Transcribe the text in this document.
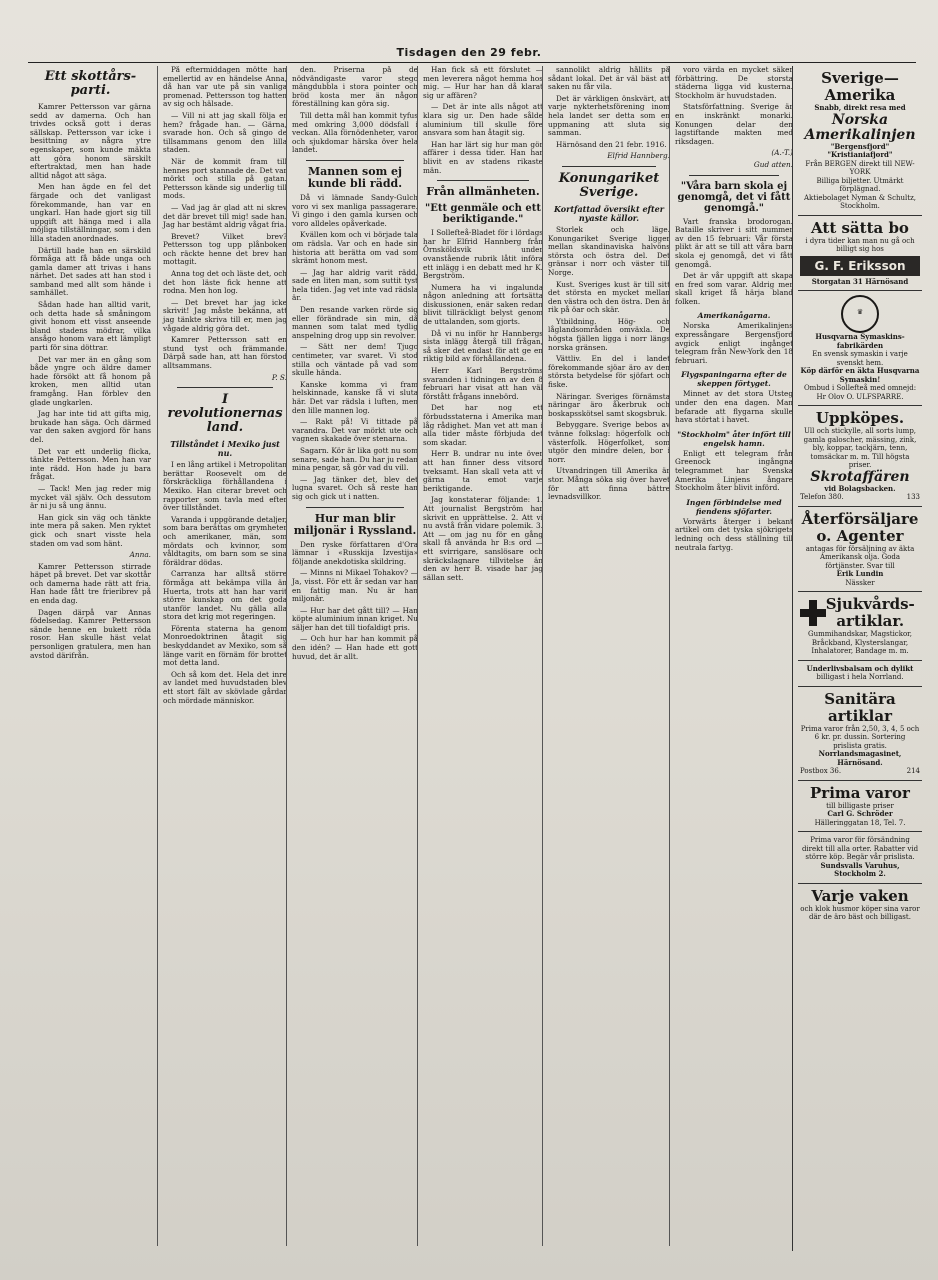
Tisdagen den 29 febr.
Ett skottårs-parti.

Kamrer Pettersson var gärna sedd av damerna. Och han trivdes också gott i deras sällskap. Pettersson var icke i besittning av några ytre egenskaper, som kunde mäkta att göra honom särskilt eftertraktad, men han hade alltid något att säga.

Men han ägde en fel det färgade och det vanligast förekommande, han var en ungkarl. Han hade gjort sig till uppgift att hänga med i alla möjliga tillställningar, som i den lilla staden anordnades.

Därtill hade han en särskild förmåga att få både unga och gamla damer att trivas i hans närhet. Det sades att han stod i samband med allt som hände i samhället.

Sådan hade han alltid varit, och detta hade så småningom givit honom ett visst anseende bland stadens mödrar, vilka ansågo honom vara ett lämpligt parti för sina döttrar.

Det var mer än en gång som både yngre och äldre damer hade försökt att få honom på kroken, men alltid utan framgång. Han förblev den glade ungkarlen.

Jag har inte tid att gifta mig, brukade han säga. Och därmed var den saken avgjord för hans del.

Det var ett underlig flicka, tänkte Pettersson. Men han var inte rädd. Hon hade ju bara frågat.

— Tack! Men jag reder mig mycket väl själv. Och dessutom är ni ju så ung ännu.

Han gick sin väg och tänkte inte mera på saken. Men ryktet gick och snart visste hela staden om vad som hänt.

Anna.

Kamrer Pettersson stirrade häpet på brevet. Det var skottår och damerna hade rätt att fria. Han hade fått tre frieribrev på en enda dag.

Dagen därpå var Annas födelsedag. Kamrer Pettersson sände henne en bukett röda rosor. Han skulle häst velat personligen gratulera, men han avstod därifrån.

På eftermiddagen mötte han emellertid av en händelse Anna, då han var ute på sin vanliga promenad. Pettersson tog hatten av sig och hälsade.

— Vill ni att jag skall följa er hem? frågade han. — Gärna, svarade hon. Och så gingo de tillsammans genom den lilla staden.

När de kommit fram till hennes port stannade de. Det var mörkt och stilla på gatan. Pettersson kände sig underlig till mods.

— Vad jag är glad att ni skrev det där brevet till mig! sade han. Jag har bestämt aldrig vågat fria.

Brevet? Vilket brev? Pettersson tog upp plånboken och räckte henne det brev han mottagit.

Anna tog det och läste det, och det hon läste fick henne att rodna. Men hon log.

— Det brevet har jag icke skrivit! Jag måste bekänna, att jag tänkte skriva till er, men jag vågade aldrig göra det.

Kamrer Pettersson satt en stund tyst och främmande. Därpå sade han, att han förstod alltsammans.

P. S.

I revolutionernas land.
Tillståndet i Mexiko just nu.

I en lång artikel i Metropolitan berättar Roosevelt om de förskräckliga förhållandena i Mexiko. Han citerar brevet och rapporter som tavla med efter över tillståndet.

Varanda i uppgörande detaljer, som bara berättas om grymheter och amerikaner, män, som mördats och kvinnor, som våldtagits, om barn som se sina föräldrar dödas.

Carranza har alltså större förmåga att bekämpa villa än Huerta, trots att han har varit större kunskap om det goda utanför landet. Nu gälla alla stora det krig mot regeringen.

Förenta staterna ha genom Monroedoktrinen åtagit sig beskyddandet av Mexiko, som så länge varit en förnäm för brottet mot detta land.

Och så kom det. Hela det inre av landet med huvudstaden blev ett stort fält av skövlade gårdar och mördade människor.

den. Priserna på de nödvändigaste varor stego mängdubbla i stora pointer och bröd kosta mer än någon föreställning kan göra sig.

Till detta mål han kommit tyfus med omkring 3,000 dödsfall i veckan. Alla förnödenheter, varor och sjukdomar härska över hela landet.

Mannen som ej kunde bli rädd.

Då vi lämnade Sandy-Gulch voro vi sex manliga passagerare. Vi gingo i den gamla kursen och voro alldeles opåverkade.

Kvällen kom och vi började tala om rädsla. Var och en hade sin historia att berätta om vad som skrämt honom mest.

— Jag har aldrig varit rädd, sade en liten man, som suttit tyst hela tiden. Jag vet inte vad rädsla är.

Den resande varken rörde sig eller förändrade sin min, då mannen som talat med tydlig anspelning drog upp sin revolver.

— Sätt ner dem! Tjugo centimeter, var svaret. Vi stod stilla och väntade på vad som skulle hända.

Kanske komma vi fram helskinnade, kanske få vi sluta här. Det var rädsla i luften, men den lille mannen log.

— Rakt på! Vi tittade på varandra. Det var mörkt ute och vagnen skakade över stenarna.

Sagarn. Kör är lika gott nu som senare, sade han. Du har ju redan mina pengar, så gör vad du vill.

— Jag tänker det, blev det lugna svaret. Och så reste han sig och gick ut i natten.

Hur man blir miljonär i Ryssland.

Den ryske författaren d'Ora lämnar i «Russkija Izvestija» följande anekdotiska skildring.

— Minns ni Mikael Tohakov? — Ja, visst. För ett år sedan var han en fattig man. Nu är han miljonär.

— Hur har det gått till? — Han köpte aluminium innan kriget. Nu säljer han det till tiofaldigt pris.

— Och hur har han kommit på den idén? — Han hade ett gott huvud, det är allt.

Han fick så ett förslutet — men leverera något hemma hos mig. — Hur har han då klarat sig ur affären?

— Det är inte alls något att klara sig ur. Den hade sålde aluminium till skulle före ansvara som han åtagit sig.

Han har lärt sig hur man gör affärer i dessa tider. Han har blivit en av stadens rikaste män.

Från allmänheten.
"Ett genmäle och ett beriktigande."

I Sollefteå-Bladet för i lördags har hr Elfrid Hannberg från Örnsköldsvik under ovanstående rubrik låtit införa ett inlägg i en debatt med hr K. Bergström.

Numera ha vi ingalunda någon anledning att fortsätta diskussionen, enär saken redan blivit tillräckligt belyst genom de uttalanden, som gjorts.

Då vi nu inför hr Hannbergs sista inlägg återgå till frågan, så sker det endast för att ge en riktig bild av förhållandena.

Herr Karl Bergströms svaranden i tidningen av den 8 februari har visat att han väl förstått frågans innebörd.

Det har nog ett förbudsstaterna i Amerika man låg rådighet. Man vet att man i alla tider måste förbjuda det som skadar.

Herr B. undrar nu inte över att han finner dess vitsord tveksamt. Han skall veta att vi gärna ta emot varje beriktigande.

Jag konstaterar följande: 1. Att journalist Bergström har skrivit en upprättelse. 2. Att vi nu avstå från vidare polemik. 3. Att — om jag nu för en gång skall få använda hr B:s ord — ett svirrigare, sanslösare och skräckslagnare tillvitelse än den av herr B. visade har jag sällan sett.

sannolikt aldrig hållits på sådant lokal. Det är väl bäst att saken nu får vila.

Det är värkligen önskvärt, att varje nykterhetsförening inom hela landet ser detta som en uppmaning att sluta sig samman.

Härnösand den 21 febr. 1916.

Elfrid Hannberg.

Konungariket Sverige.
Kortfattad översikt efter nyaste källor.

Storlek och läge. Konungariket Sverige ligger mellan skandinaviska halvöns största och östra del. Det gränsar i norr och väster till Norge.

Kust. Sveriges kust är till sitt det största en mycket mellan den västra och den östra. Den är rik på öar och skär.

Ytbildning. Hög- och låglandsområden omväxla. De högsta fjällen ligga i norr längs norska gränsen.

Vättliv. En del i landet förekommande sjöar äro av den största betydelse för sjöfart och fiske.

Näringar. Sveriges förnämsta näringar äro åkerbruk och boskapsskötsel samt skogsbruk.

Bebyggare. Sverige bebos av tvänne folkslag: högerfolk och västerfolk. Högerfolket, som utgör den mindre delen, bor i norr.

Utvandringen till Amerika är stor. Många söka sig över havet för att finna bättre levnadsvillkor.

voro värda en mycket säker förbättring. De storsta städerna ligga vid kusterna. Stockholm är huvudstaden.

Statsförfattning. Sverige är en inskränkt monarki. Konungen delar den lagstiftande makten med riksdagen.

(A.-T.)

Gud atten.

"Våra barn skola ej genomgå, det vi fått genomgå."

Vart franska brodorogan. Bataille skriver i sitt nummer av den 15 februari: Vår första plikt är att se till att våra barn skola ej genomgå, det vi fått genomgå.

Det är vår uppgift att skapa en fred som varar. Aldrig mer skall kriget få härja bland folken.

Amerikanågarna.

Norska Amerikalinjens expressångare Bergensfjord avgick enligt ingånget telegram från New-York den 18 februari.

Flygspaningarna efter de skeppen förtyget.

Minnet av det stora Utsteg under den ena dagen. Man befarade att flygarna skulle hava störtat i havet.

"Stockholm" åter infört till engelsk hamn.

Enligt ett telegram från Greenock ingångna telegrammet har Svenska Amerika Linjens ångare Stockholm åter blivit införd.

Ingen förbindelse med fiendens sjöfarter.

Vorwärts återger i bekant artikel om det tyska sjökrigets ledning och dess ställning till neutrala fartyg.

Sverige—Amerika
Snabb, direkt resa med
Norska Amerikalinjen
"Bergensfjord"
"Kristianiafjord"
Från BERGEN direkt till NEW-YORK
Billiga biljetter. Utmärkt förplägnad.
Aktiebolaget Nyman & Schultz, Stockholm.
Att sätta bo
i dyra tider kan man nu gå och billigt sig hos
G. F. Eriksson
Storgatan 31 Härnösand
♛
Husqvarna Symaskins-fabrikärden
En svensk symaskin i varje svenskt hem.
Köp därför en äkta Husqvarna Symaskin!
Ombud i Sollefteå med omnejd: Hr Olov O. ULFSPARRE.
Uppköpes.
Ull och stickylle, all sorts lump, gamla galoscher, mässing, zink, bly, koppar, tackjärn, tenn, tomsäckar m. m. Till högsta priser.
Skrotaffären
vid Bolagsbacken.
Telefon 380.	133
Återförsäljare o. Agenter
antagas för försäljning av äkta Amerikansk olja. Goda förtjänster. Svar till
Erik Lundin
Nässker
Sjukvårds-artiklar.
Gummihandskar, Magstickor, Bråckband, Klysterslangar, Inhalatorer, Bandage m. m.
Underlivsbalsam och dylikt
billigast i hela Norrland.
Sanitära artiklar
Prima varor från 2,50, 3, 4, 5 och 6 kr. pr. dussin. Sortering prislista gratis.
Norrlandsmagasinet, Härnösand.
Postbox 36.	214
Prima varor
till billigaste priser
Carl G. Schröder
Hälleringgatan 18, Tel. 7.
Prima varor för försändning direkt till alla orter. Rabatter vid större köp. Begär vår prislista.
Sundsvalls Varuhus, Stockholm 2.
Varje vaken
och klok husmor köper sina varor där de äro bäst och billigast.
